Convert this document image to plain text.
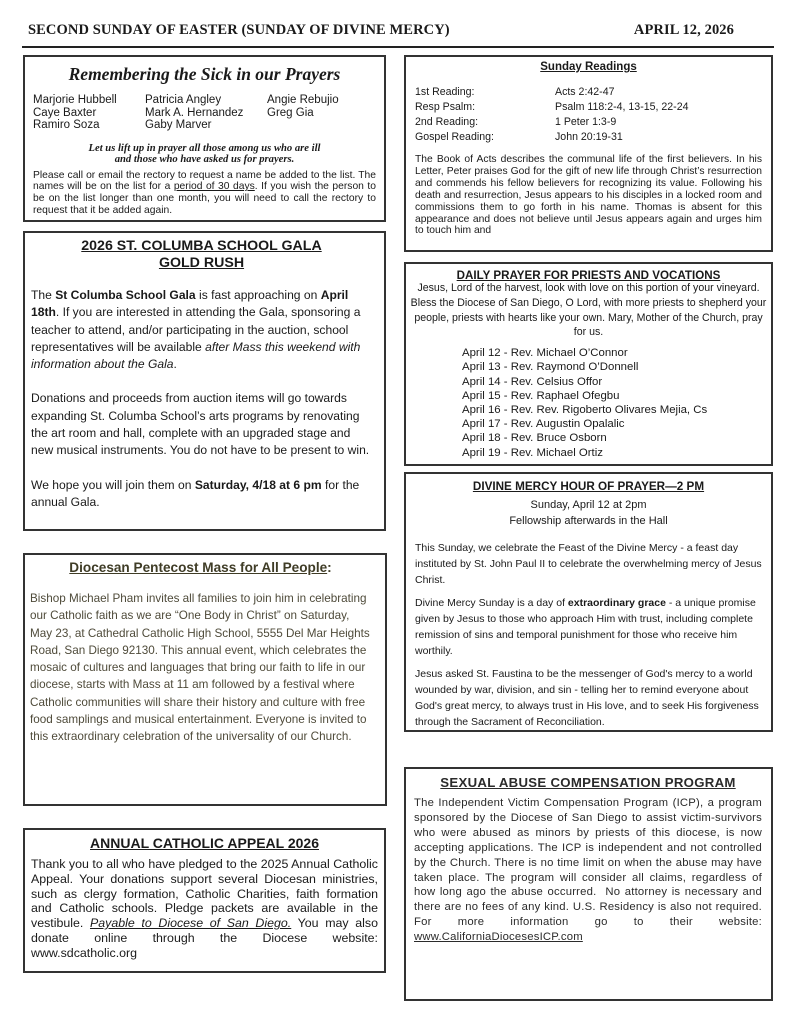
SECOND SUNDAY OF EASTER (SUNDAY OF DIVINE MERCY)	APRIL 12, 2026
Remembering the Sick in our Prayers
Marjorie Hubbell	Patricia Angley	Angie Rebujio
Caye Baxter	Mark A. Hernandez	Greg Gia
Ramiro Soza	Gaby Marver
Let us lift up in prayer all those among us who are ill
and those who have asked us for prayers.
Please call or email the rectory to request a name be added to the list. The names will be on the list for a period of 30 days. If you wish the person to be on the list longer than one month, you will need to call the rectory to request that it be added again.
Sunday Readings
1st Reading:	Acts 2:42-47
Resp Psalm:	Psalm 118:2-4, 13-15, 22-24
2nd Reading:	1 Peter 1:3-9
Gospel Reading:	John 20:19-31
The Book of Acts describes the communal life of the first believers. In his Letter, Peter praises God for the gift of new life through Christ’s resurrection and commends his fellow believers for recognizing its value. Following his death and resurrection, Jesus appears to his disciples in a locked room and commissions them to go forth in his name. Thomas is absent for this appearance and does not believe until Jesus appears again and urges him to touch him and
2026 ST. COLUMBA SCHOOL GALA
GOLD RUSH
The St Columba School Gala is fast approaching on April 18th. If you are interested in attending the Gala, sponsoring a teacher to attend, and/or participating in the auction, school representatives will be available after Mass this weekend with information about the Gala.
Donations and proceeds from auction items will go towards expanding St. Columba School’s arts programs by renovating the art room and hall, complete with an upgraded stage and new musical instruments. You do not have to be present to win.
We hope you will join them on Saturday, 4/18 at 6 pm for the annual Gala.
DAILY PRAYER FOR PRIESTS AND VOCATIONS
Jesus, Lord of the harvest, look with love on this portion of your vineyard. Bless the Diocese of San Diego, O Lord, with more priests to shepherd your people, priests with hearts like your own. Mary, Mother of the Church, pray for us.
April 12 - Rev. Michael O’Connor
April 13 - Rev. Raymond O’Donnell
April 14 - Rev. Celsius Offor
April 15 - Rev. Raphael Ofegbu
April 16 - Rev. Rev. Rigoberto Olivares Mejia, Cs
April 17 - Rev. Augustin Opalalic
April 18 - Rev. Bruce Osborn
April 19 - Rev. Michael Ortiz
DIVINE MERCY HOUR OF PRAYER—2 PM
Sunday, April 12 at 2pm
Fellowship afterwards in the Hall
This Sunday, we celebrate the Feast of the Divine Mercy - a feast day instituted by St. John Paul II to celebrate the overwhelming mercy of Jesus Christ.
Divine Mercy Sunday is a day of extraordinary grace - a unique promise given by Jesus to those who approach Him with trust, including complete remission of sins and temporal punishment for those who receive him worthily.
Jesus asked St. Faustina to be the messenger of God's mercy to a world wounded by war, division, and sin - telling her to remind everyone about God's great mercy, to always trust in His love, and to seek His forgiveness through the Sacrament of Reconciliation.
Diocesan Pentecost Mass for All People:
Bishop Michael Pham invites all families to join him in celebrating our Catholic faith as we are “One Body in Christ” on Saturday, May 23, at Cathedral Catholic High School, 5555 Del Mar Heights Road, San Diego 92130. This annual event, which celebrates the mosaic of cultures and languages that bring our faith to life in our diocese, starts with Mass at 11 am followed by a festival where Catholic communities will share their history and culture with free food samplings and musical entertainment. Everyone is invited to this extraordinary celebration of the universality of our Church.
ANNUAL CATHOLIC APPEAL 2026
Thank you to all who have pledged to the 2025 Annual Catholic Appeal. Your donations support several Diocesan ministries, such as clergy formation, Catholic Charities, faith formation and Catholic schools. Pledge packets are available in the vestibule. Payable to Diocese of San Diego. You may also donate online through the Diocese website: www.sdcatholic.org
SEXUAL ABUSE COMPENSATION PROGRAM
The Independent Victim Compensation Program (ICP), a program sponsored by the Diocese of San Diego to assist victim-survivors who were abused as minors by priests of this diocese, is now accepting applications. The ICP is independent and not controlled by the Church. There is no time limit on when the abuse may have taken place. The program will consider all claims, regardless of how long ago the abuse occurred.  No attorney is necessary and there are no fees of any kind. U.S. Residency is also not required. For more information go to their website:    www.CaliforniaDiocesesICP.com
